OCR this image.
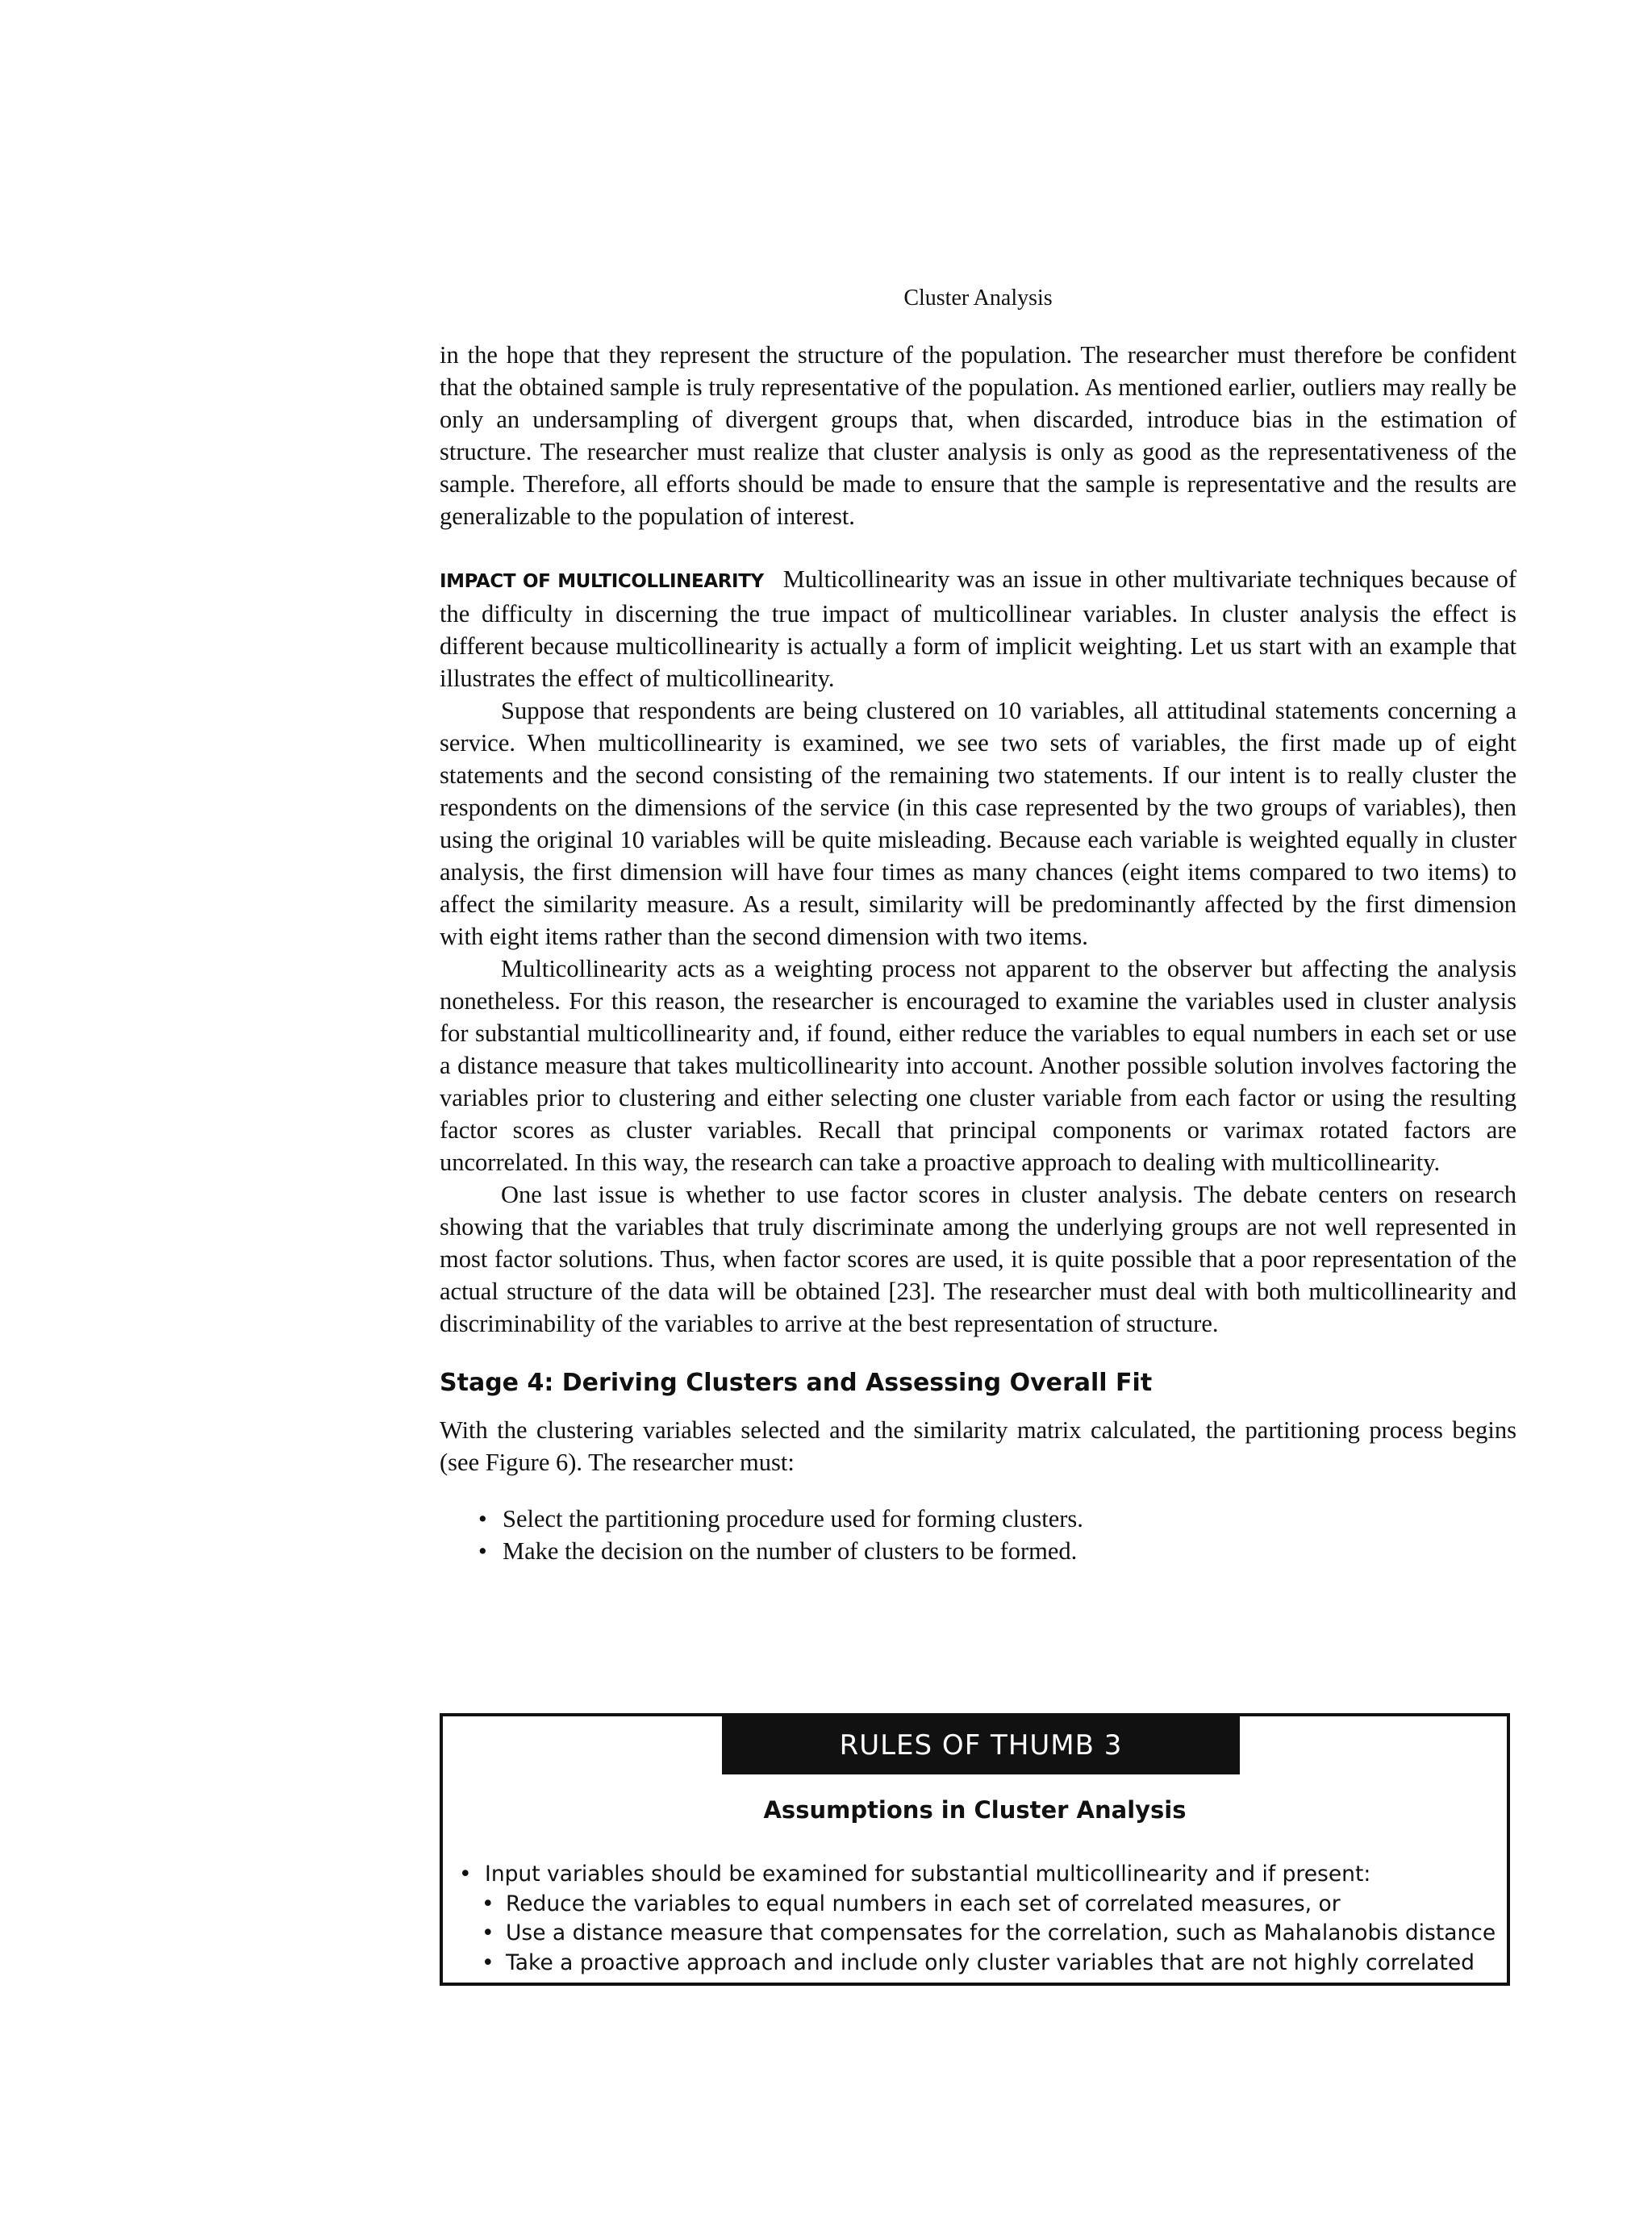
Cluster Analysis

in the hope that they represent the structure of the population. The researcher must therefore be confident that the obtained sample is truly representative of the population. As mentioned earlier, outliers may really be only an undersampling of divergent groups that, when discarded, introduce bias in the estimation of structure. The researcher must realize that cluster analysis is only as good as the representativeness of the sample. Therefore, all efforts should be made to ensure that the sample is representative and the results are generalizable to the population of interest.

IMPACT OF MULTICOLLINEARITY Multicollinearity was an issue in other multivariate techniques because of the difficulty in discerning the true impact of multicollinear variables. In cluster analysis the effect is different because multicollinearity is actually a form of implicit weighting. Let us start with an example that illustrates the effect of multicollinearity.

Suppose that respondents are being clustered on 10 variables, all attitudinal statements concerning a service. When multicollinearity is examined, we see two sets of variables, the first made up of eight statements and the second consisting of the remaining two statements. If our intent is to really cluster the respondents on the dimensions of the service (in this case represented by the two groups of variables), then using the original 10 variables will be quite misleading. Because each variable is weighted equally in cluster analysis, the first dimension will have four times as many chances (eight items compared to two items) to affect the similarity measure. As a result, similarity will be predominantly affected by the first dimension with eight items rather than the second dimension with two items.

Multicollinearity acts as a weighting process not apparent to the observer but affecting the analysis nonetheless. For this reason, the researcher is encouraged to examine the variables used in cluster analysis for substantial multicollinearity and, if found, either reduce the variables to equal numbers in each set or use a distance measure that takes multicollinearity into account. Another possible solution involves factoring the variables prior to clustering and either selecting one cluster variable from each factor or using the resulting factor scores as cluster variables. Recall that principal components or varimax rotated factors are uncorrelated. In this way, the research can take a proactive approach to dealing with multicollinearity.

One last issue is whether to use factor scores in cluster analysis. The debate centers on research showing that the variables that truly discriminate among the underlying groups are not well represented in most factor solutions. Thus, when factor scores are used, it is quite possible that a poor representation of the actual structure of the data will be obtained [23]. The researcher must deal with both multicollinearity and discriminability of the variables to arrive at the best representation of structure.

Stage 4: Deriving Clusters and Assessing Overall Fit

With the clustering variables selected and the similarity matrix calculated, the partitioning process begins (see Figure 6). The researcher must:

• Select the partitioning procedure used for forming clusters.
• Make the decision on the number of clusters to be formed.
RULES OF THUMB 3
Assumptions in Cluster Analysis
• Input variables should be examined for substantial multicollinearity and if present:
• Reduce the variables to equal numbers in each set of correlated measures, or
• Use a distance measure that compensates for the correlation, such as Mahalanobis distance
• Take a proactive approach and include only cluster variables that are not highly correlated
